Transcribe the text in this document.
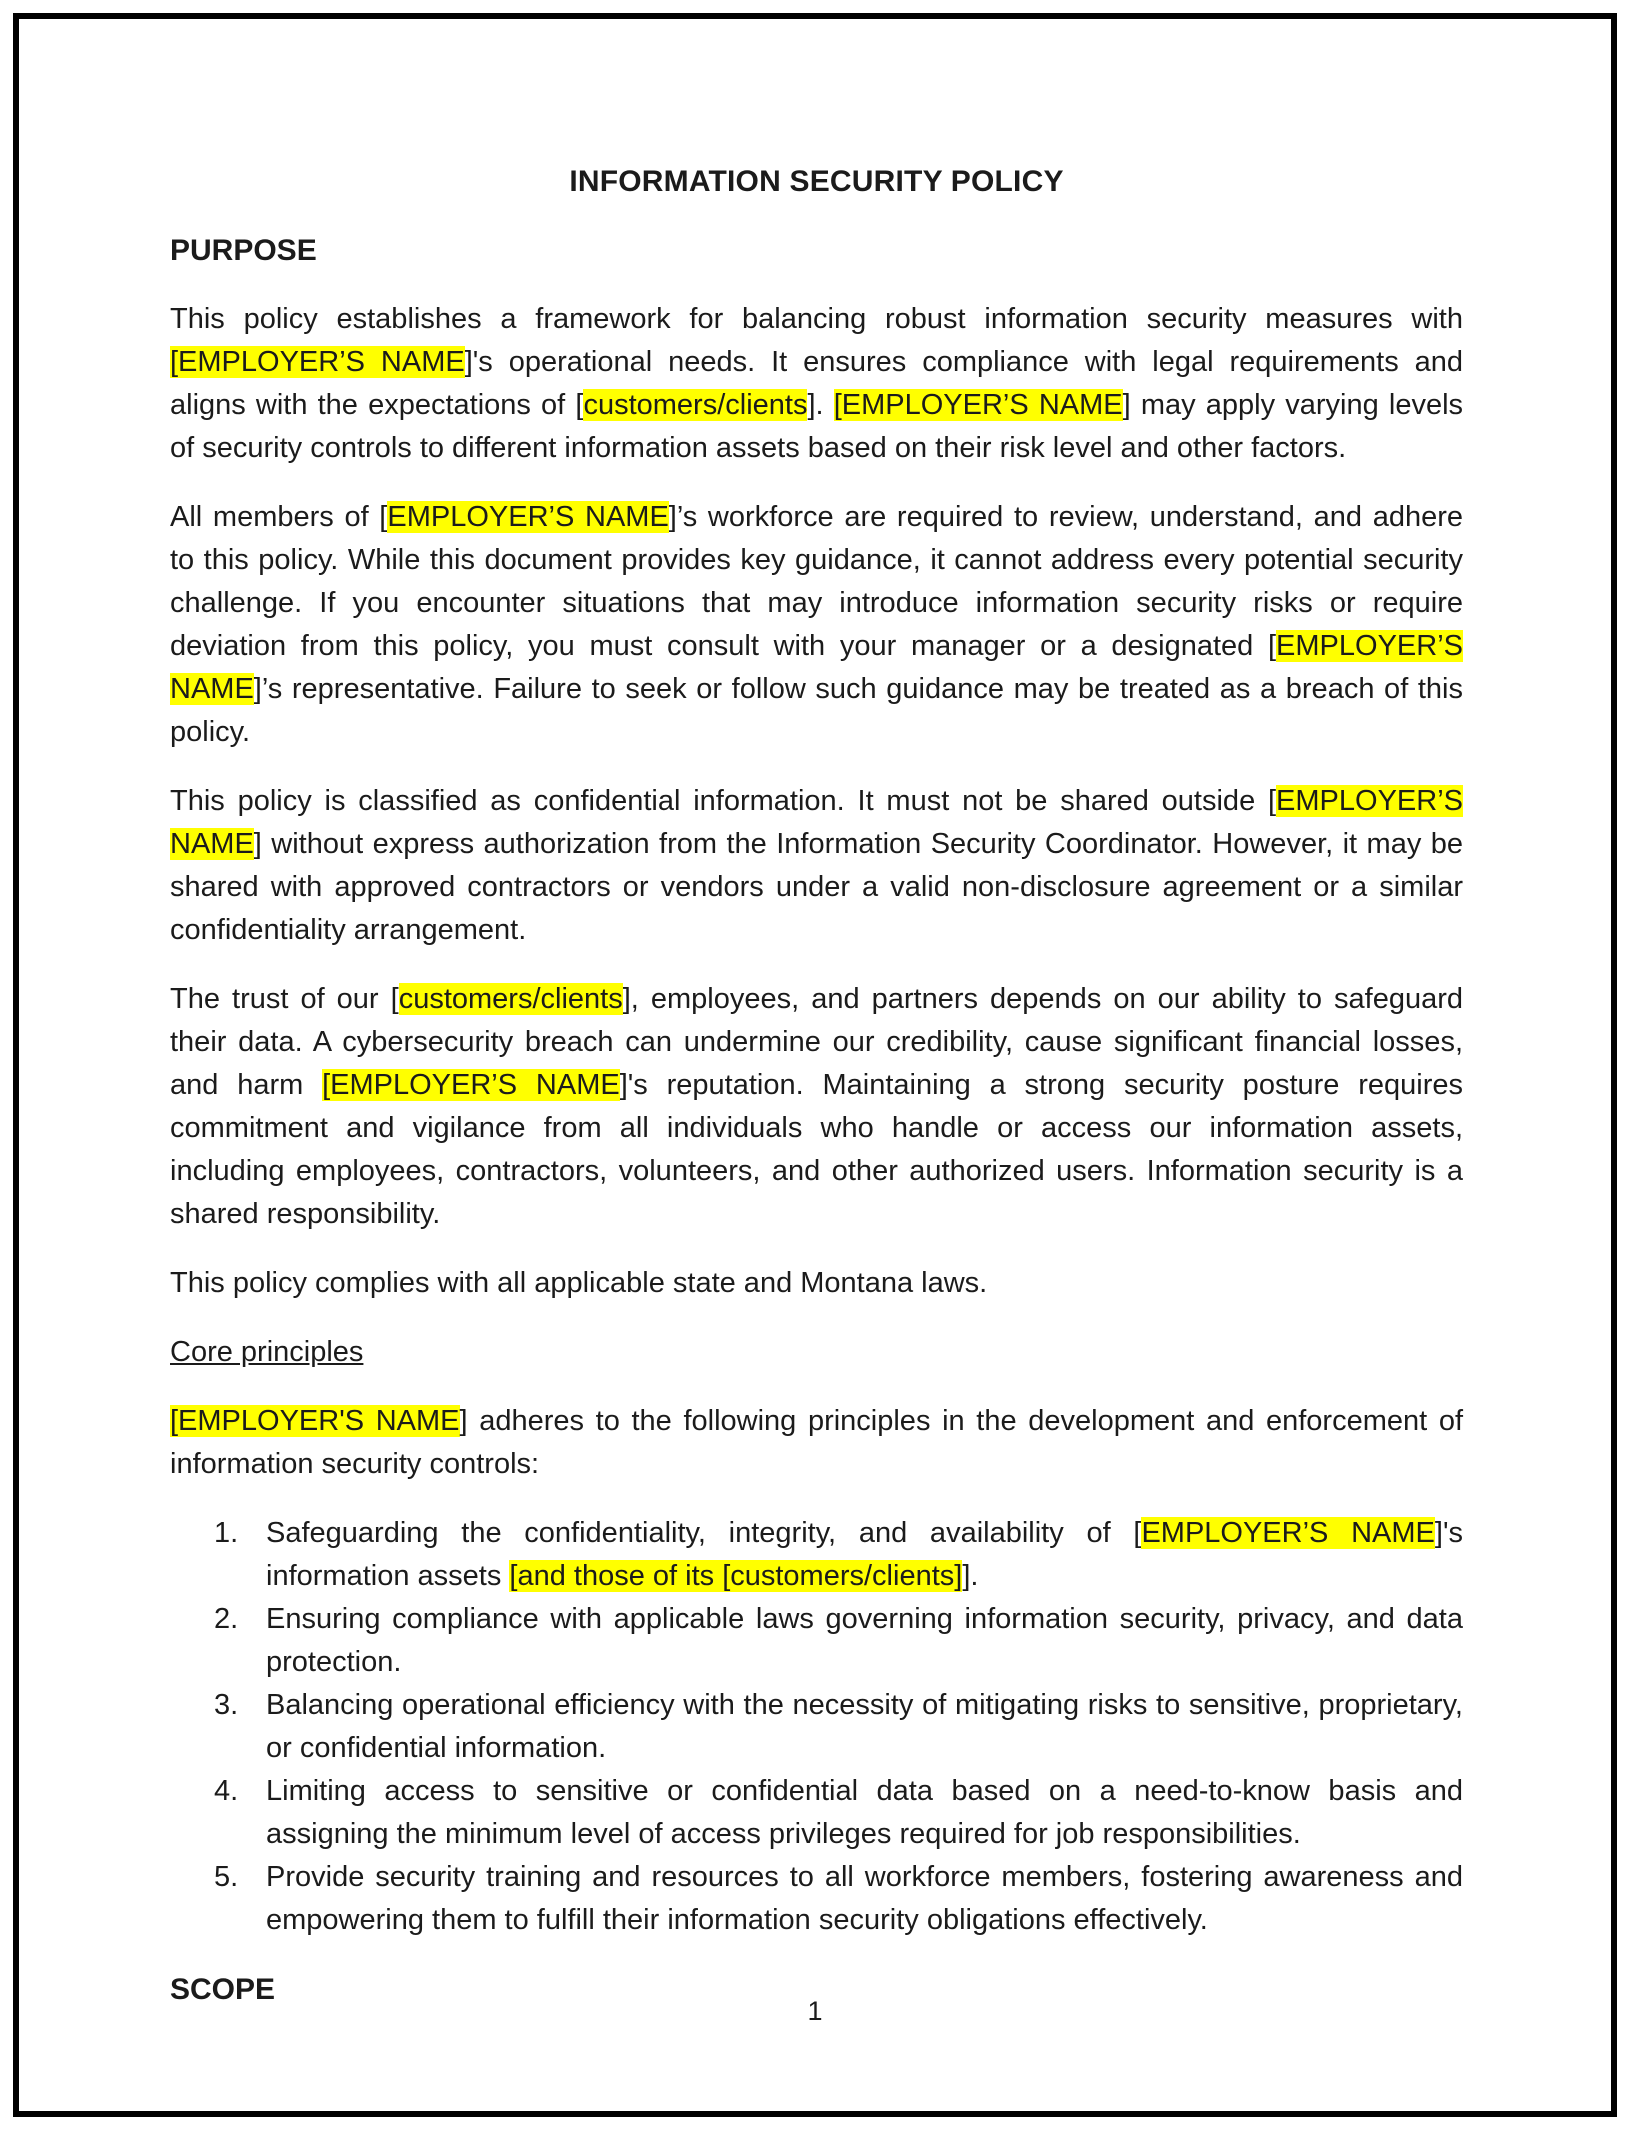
INFORMATION SECURITY POLICY
PURPOSE

This policy establishes a framework for balancing robust information security measures with [EMPLOYER’S NAME]'s operational needs. It ensures compliance with legal requirements and aligns with the expectations of [customers/clients]. [EMPLOYER’S NAME] may apply varying levels of security controls to different information assets based on their risk level and other factors.

All members of [EMPLOYER’S NAME]’s workforce are required to review, understand, and adhere to this policy. While this document provides key guidance, it cannot address every potential security challenge. If you encounter situations that may introduce information security risks or require deviation from this policy, you must consult with your manager or a designated [EMPLOYER’S NAME]’s representative. Failure to seek or follow such guidance may be treated as a breach of this policy.

This policy is classified as confidential information. It must not be shared outside [EMPLOYER’S NAME] without express authorization from the Information Security Coordinator. However, it may be shared with approved contractors or vendors under a valid non-disclosure agreement or a similar confidentiality arrangement.

The trust of our [customers/clients], employees, and partners depends on our ability to safeguard their data. A cybersecurity breach can undermine our credibility, cause significant financial losses, and harm [EMPLOYER’S NAME]'s reputation. Maintaining a strong security posture requires commitment and vigilance from all individuals who handle or access our information assets, including employees, contractors, volunteers, and other authorized users. Information security is a shared responsibility.

This policy complies with all applicable state and Montana laws.

Core principles

[EMPLOYER'S NAME] adheres to the following principles in the development and enforcement of information security controls:

Safeguarding the confidentiality, integrity, and availability of [EMPLOYER’S NAME]'s information assets [and those of its [customers/clients]].
Ensuring compliance with applicable laws governing information security, privacy, and data protection.
Balancing operational efficiency with the necessity of mitigating risks to sensitive, proprietary, or confidential information.
Limiting access to sensitive or confidential data based on a need-to-know basis and assigning the minimum level of access privileges required for job responsibilities.
Provide security training and resources to all workforce members, fostering awareness and empowering them to fulfill their information security obligations effectively.
SCOPE
1
